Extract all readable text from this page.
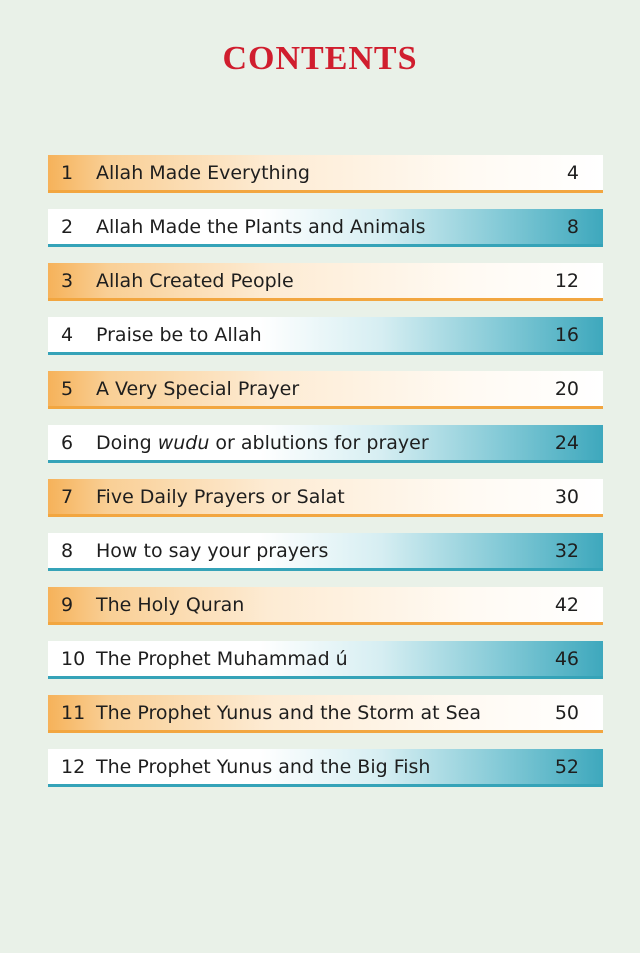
CONTENTS
1	Allah Made Everything	4
2	Allah Made the Plants and Animals	8
3	Allah Created People	12
4	Praise be to Allah	16
5	A Very Special Prayer	20
6	Doing wudu or ablutions for prayer	24
7	Five Daily Prayers or Salat	30
8	How to say your prayers	32
9	The Holy Quran	42
10 The Prophet Muhammad ú	46
11 The Prophet Yunus and the Storm at Sea	50
12 The Prophet Yunus and the Big Fish	52
